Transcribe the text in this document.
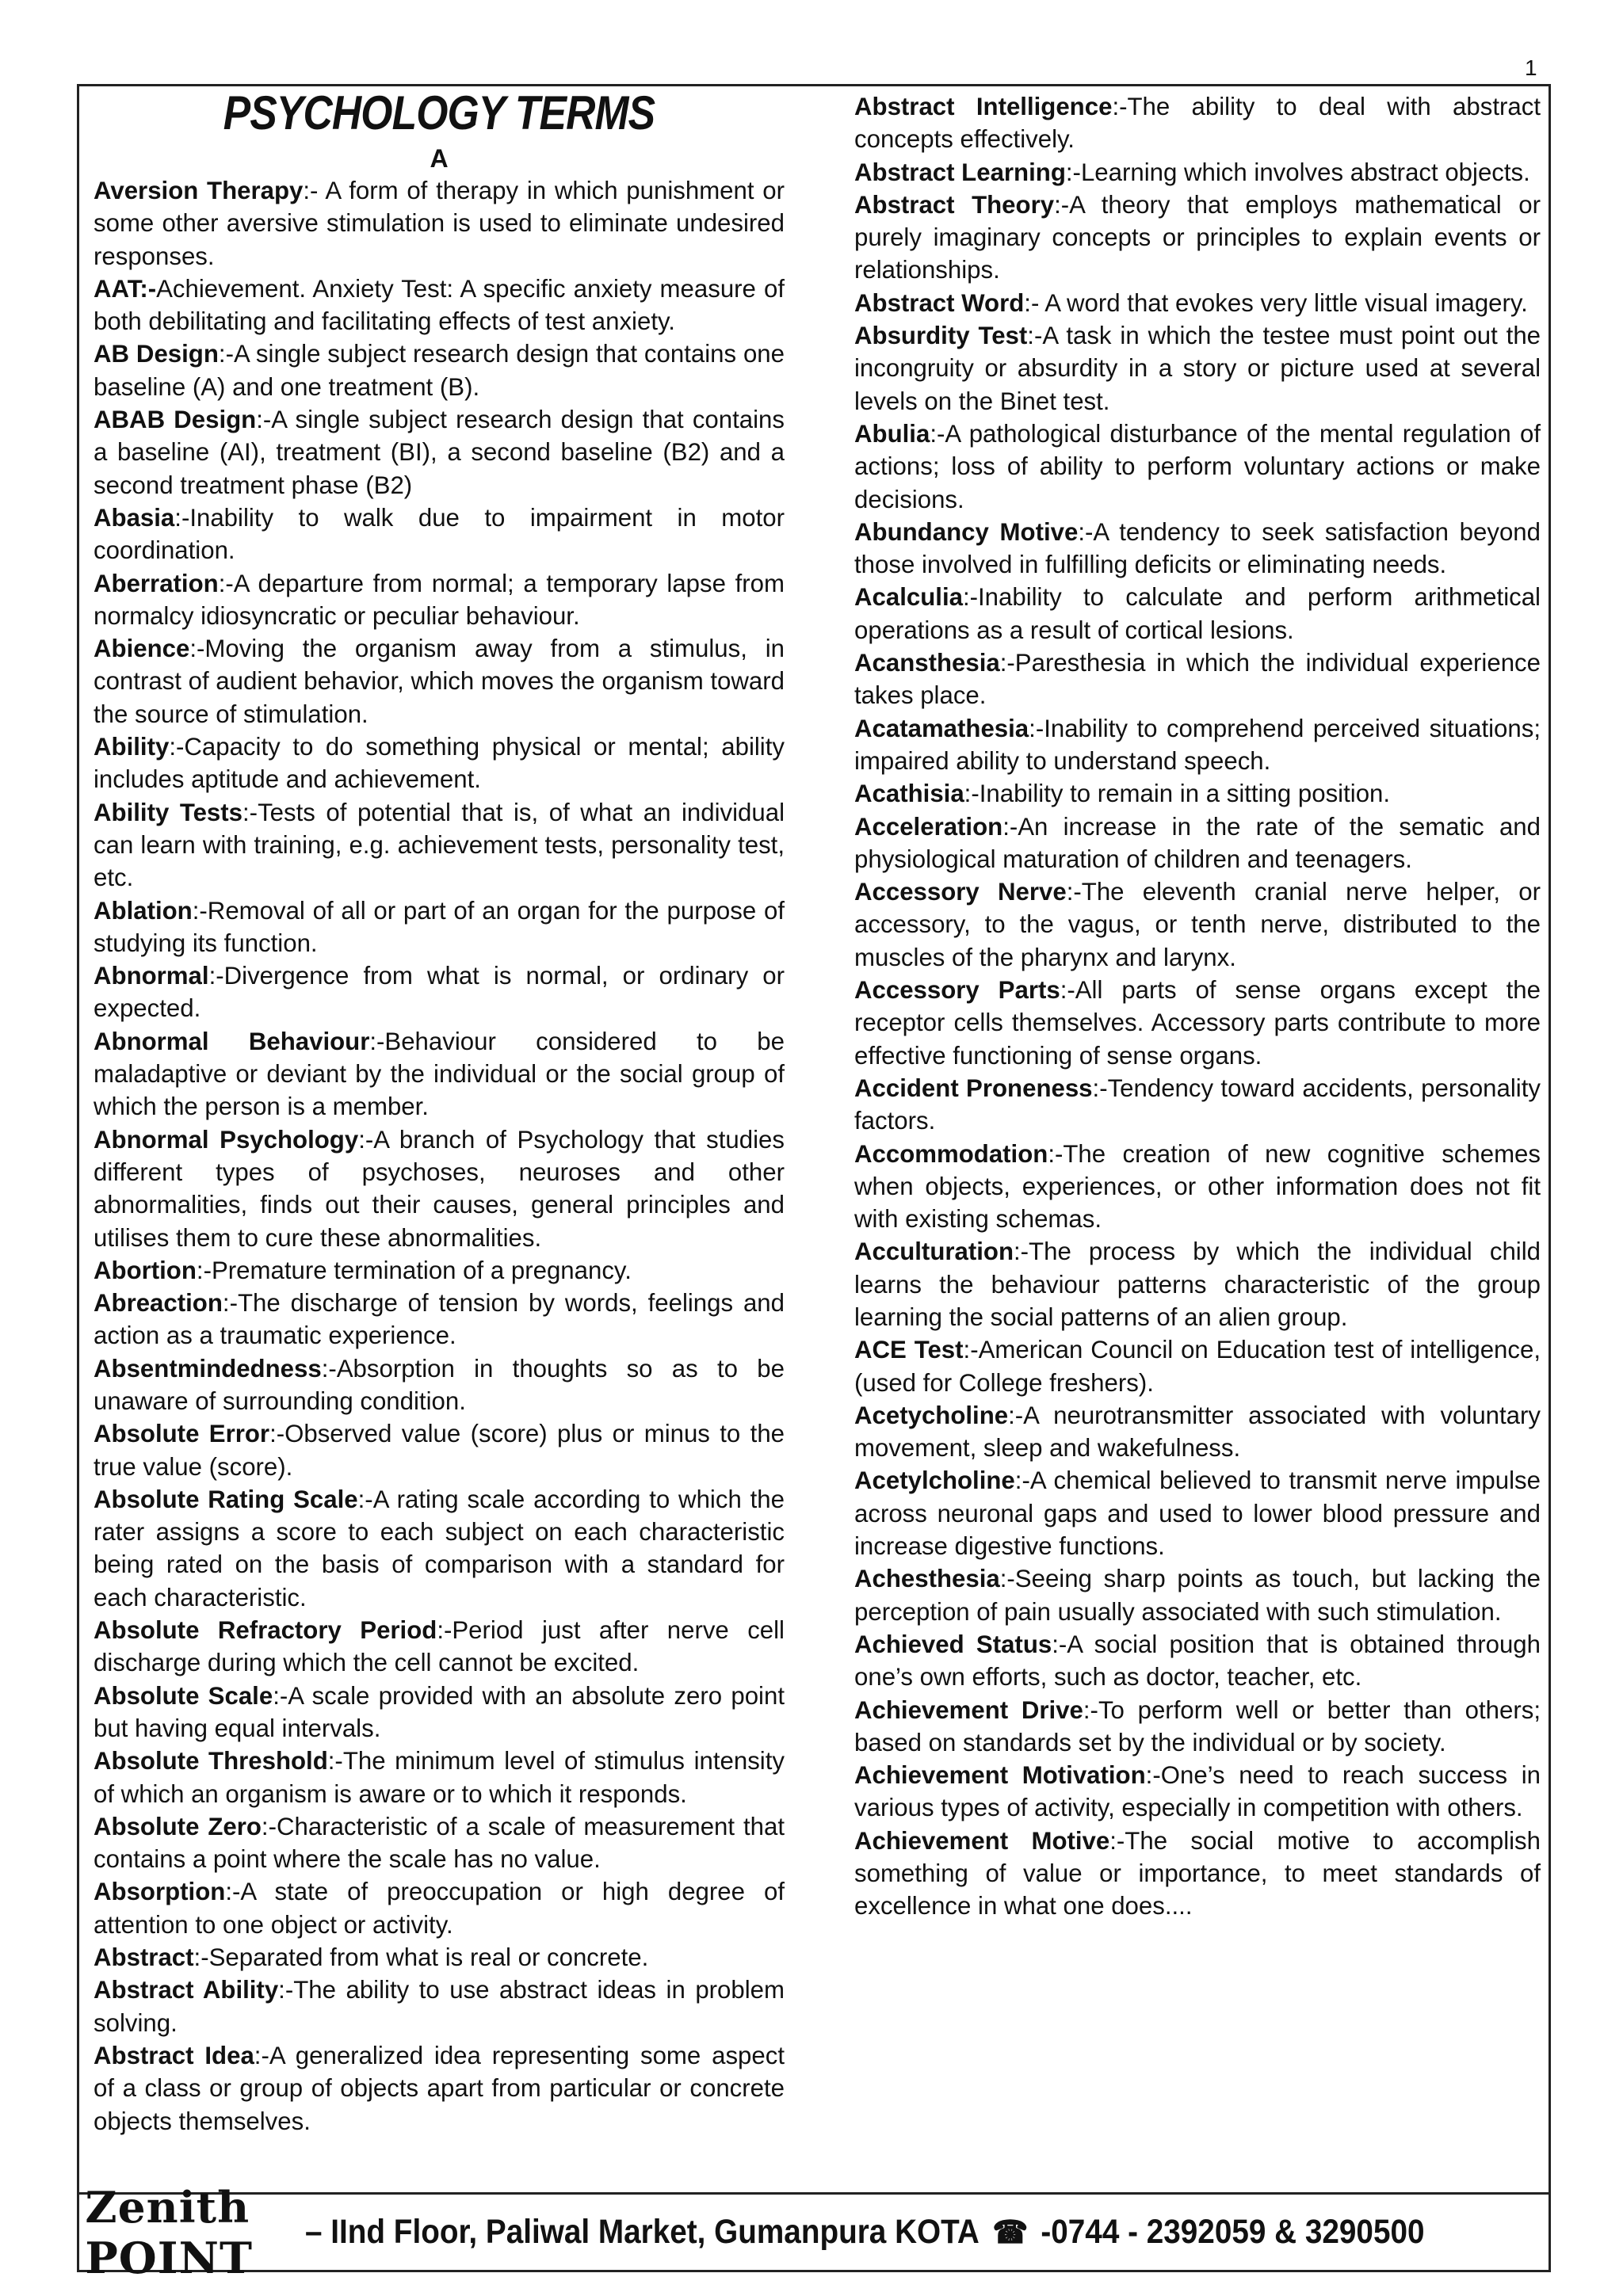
1
PSYCHOLOGY TERMS
A

Aversion Therapy:- A form of therapy in which punishment or some other aversive stimulation is used to eliminate undesired responses.

AAT:-Achievement. Anxiety Test: A specific anxiety measure of both debilitating and facilitating effects of test anxiety.

AB Design:-A single subject research design that contains one baseline (A) and one treatment (B).

ABAB Design:-A single subject research design that contains a baseline (AI), treatment (BI), a second baseline (B2) and a second treatment phase (B2)

Abasia:-Inability to walk due to impairment in motor coordination.

Aberration:-A departure from normal; a temporary lapse from normalcy idiosyncratic or peculiar behaviour.

Abience:-Moving the organism away from a stimulus, in contrast of audient behavior, which moves the organism toward the source of stimulation.

Ability:-Capacity to do something physical or mental; ability includes aptitude and achievement.

Ability Tests:-Tests of potential that is, of what an individual can learn with training, e.g. achievement tests, personality test, etc.

Ablation:-Removal of all or part of an organ for the purpose of studying its function.

Abnormal:-Divergence from what is normal, or ordinary or expected.

Abnormal Behaviour:-Behaviour considered to be maladaptive or deviant by the individual or the social group of which the person is a member.

Abnormal Psychology:-A branch of Psychology that studies different types of psychoses, neuroses and other abnormalities, finds out their causes, general principles and utilises them to cure these abnormalities.

Abortion:-Premature termination of a pregnancy.

Abreaction:-The discharge of tension by words, feelings and action as a traumatic experience.

Absentmindedness:-Absorption in thoughts so as to be unaware of surrounding condition.

Absolute Error:-Observed value (score) plus or minus to the true value (score).

Absolute Rating Scale:-A rating scale according to which the rater assigns a score to each subject on each characteristic being rated on the basis of comparison with a standard for each characteristic.

Absolute Refractory Period:-Period just after nerve cell discharge during which the cell cannot be excited.

Absolute Scale:-A scale provided with an absolute zero point but having equal intervals.

Absolute Threshold:-The minimum level of stimulus intensity of which an organism is aware or to which it responds.

Absolute Zero:-Characteristic of a scale of measurement that contains a point where the scale has no value.

Absorption:-A state of preoccupation or high degree of attention to one object or activity.

Abstract:-Separated from what is real or concrete.

Abstract Ability:-The ability to use abstract ideas in problem solving.

Abstract Idea:-A generalized idea representing some aspect of a class or group of objects apart from particular or concrete objects themselves.

Abstract Intelligence:-The ability to deal with abstract concepts effectively.

Abstract Learning:-Learning which involves abstract objects.

Abstract Theory:-A theory that employs mathematical or purely imaginary concepts or principles to explain events or relationships.

Abstract Word:- A word that evokes very little visual imagery.

Absurdity Test:-A task in which the testee must point out the incongruity or absurdity in a story or picture used at several levels on the Binet test.

Abulia:-A pathological disturbance of the mental regulation of actions; loss of ability to perform voluntary actions or make decisions.

Abundancy Motive:-A tendency to seek satisfaction beyond those involved in fulfilling deficits or eliminating needs.

Acalculia:-Inability to calculate and perform arithmetical operations as a result of cortical lesions.

Acansthesia:-Paresthesia in which the individual experience takes place.

Acatamathesia:-Inability to comprehend perceived situations; impaired ability to understand speech.

Acathisia:-Inability to remain in a sitting position.

Acceleration:-An increase in the rate of the sematic and physiological maturation of children and teenagers.

Accessory Nerve:-The eleventh cranial nerve helper, or accessory, to the vagus, or tenth nerve, distributed to the muscles of the pharynx and larynx.

Accessory Parts:-All parts of sense organs except the receptor cells themselves. Accessory parts contribute to more effective functioning of sense organs.

Accident Proneness:-Tendency toward accidents, personality factors.

Accommodation:-The creation of new cognitive schemes when objects, experiences, or other information does not fit with existing schemas.

Acculturation:-The process by which the individual child learns the behaviour patterns characteristic of the group learning the social patterns of an alien group.

ACE Test:-American Council on Education test of intelligence, (used for College freshers).

Acetycholine:-A neurotransmitter associated with voluntary movement, sleep and wakefulness.

Acetylcholine:-A chemical believed to transmit nerve impulse across neuronal gaps and used to lower blood pressure and increase digestive functions.

Achesthesia:-Seeing sharp points as touch, but lacking the perception of pain usually associated with such stimulation.

Achieved Status:-A social position that is obtained through one’s own efforts, such as doctor, teacher, etc.

Achievement Drive:-To perform well or better than others; based on standards set by the individual or by society.

Achievement Motivation:-One’s need to reach success in various types of activity, especially in competition with others.

Achievement Motive:-The social motive to accomplish something of value or importance, to meet standards of excellence in what one does....

Zenith POINT
– IInd Floor, Paliwal Market, Gumanpura KOTA ☎ -0744 - 2392059 & 3290500
